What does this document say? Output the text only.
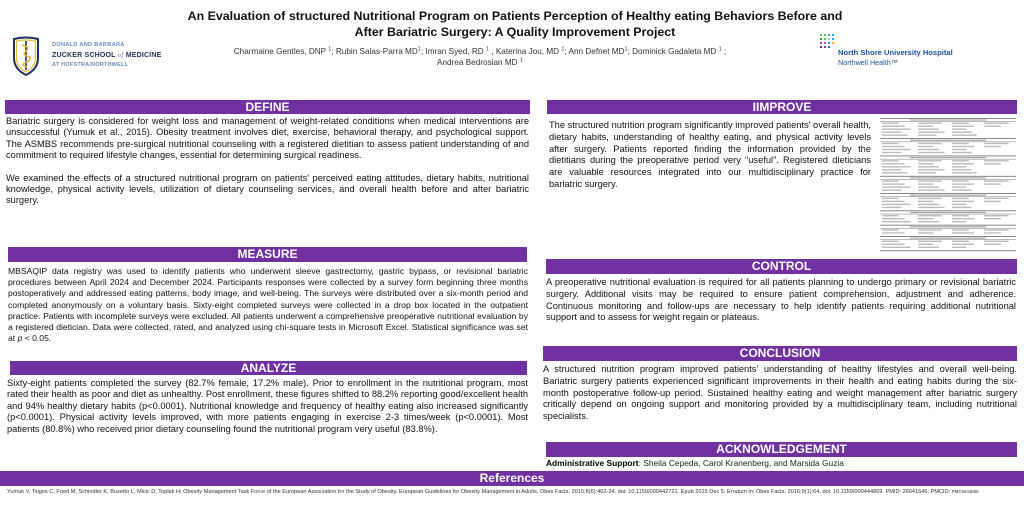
An Evaluation of structured Nutritional Program on Patients Perception of Healthy eating Behaviors Before and
After Bariatric Surgery: A Quality Improvement Project
Charmaine Gentles, DNP $^1$; Rubin Salas-Parra $MD^1$; Imran Syed, RD $^1$ , Katerina Jou, MD $^1$; Ann Defnet $MD^1$; Dominick Gadaleta MD $^1$ ;
Andrea Bedrosian MD $^1$
DONALD AND BARBARA
ZUCKER SCHOOL of MEDICINE
AT HOFSTRA/NORTHWELL
North Shore University Hospital
Northwell Health™
DEFINE

Bariatric surgery is considered for weight loss and management of weight-related conditions when medical interventions are unsuccessful (Yumuk et al., 2015). Obesity treatment involves diet, exercise, behavioral therapy, and psychological support. The ASMBS recommends pre-surgical nutritional counseling with a registered dietitian to assess patient understanding of and commitment to required lifestyle changes, essential for determining surgical readiness.

We examined the effects of a structured nutritional program on patients' perceived eating attitudes, dietary habits, nutritional knowledge, physical activity levels, utilization of dietary counseling services, and overall health before and after bariatric surgery.

MEASURE

MBSAQIP data registry was used to identify patients who underwent sleeve gastrectomy, gastric bypass, or revisional bariatric procedures between April 2024 and December 2024. Participants responses were collected by a survey form beginning three months postoperatively and addressed eating patterns, body image, and well-being. The surveys were distributed over a six-month period and completed anonymously on a voluntary basis. Sixty-eight completed surveys were collected in a drop box located in the outpatient practice. Patients with incomplete surveys were excluded. All patients underwent a comprehensive preoperative nutritional evaluation by a registered dietician. Data were collected, rated, and analyzed using chi-square tests in Microsoft Excel. Statistical significance was set at p < 0.05.

ANALYZE

Sixty-eight patients completed the survey (82.7% female, 17.2% male). Prior to enrollment in the nutritional program, most rated their health as poor and diet as unhealthy. Post enrollment, these figures shifted to 88.2% reporting good/excellent health and 94% healthy dietary habits (p<0.0001). Nutritional knowledge and frequency of healthy eating also increased significantly (p<0.0001). Physical activity levels improved, with more patients engaging in exercise 2-3 times/week (p<0.0001). Most patients (80.8%) who received prior dietary counseling found the nutritional program very useful (83.8%).

IIMPROVE

The structured nutrition program significantly improved patients' overall health, dietary habits, understanding of healthy eating, and physical activity levels after surgery. Patients reported finding the information provided by the dietitians during the preoperative period very “useful”. Registered dieticians are valuable resources integrated into our multidisciplinary practice for bariatric surgery.

CONTROL

A preoperative nutritional evaluation is required for all patients planning to undergo primary or revisional bariatric surgery. Additional visits may be required to ensure patient comprehension, adjustment and adherence. Continuous monitoring and follow-ups are necessary to help identify patients requiring additional nutritional support and to assess for weight regain or plateaus.

CONCLUSION

A structured nutrition program improved patients' understanding of healthy lifestyles and overall well-being. Bariatric surgery patients experienced significant improvements in their health and eating habits during the six-month postoperative follow-up period. Sustained healthy eating and weight management after bariatric surgery critically depend on ongoing support and monitoring provided by a multidisciplinary team, including nutritional specialists.

ACKNOWLEDGEMENT
Administrative Support: Sheila Cepeda, Carol Kranenberg, and Marsida Guzia
References
Yumuk V, Tsigos C, Fried M, Schindler K, Busetto L, Micic D, Toplak H; Obesity Management Task Force of the European Association for the Study of Obesity. European Guidelines for Obesity Management in Adults. Obes Facts. 2015;8(6):402-24. doi: 10.1159/000442721. Epub 2015 Dec 5. Erratum in: Obes Facts. 2016;9(1):64. doi: 10.1159/000444869. PMID: 26641646; PMCID: PMC5644856
